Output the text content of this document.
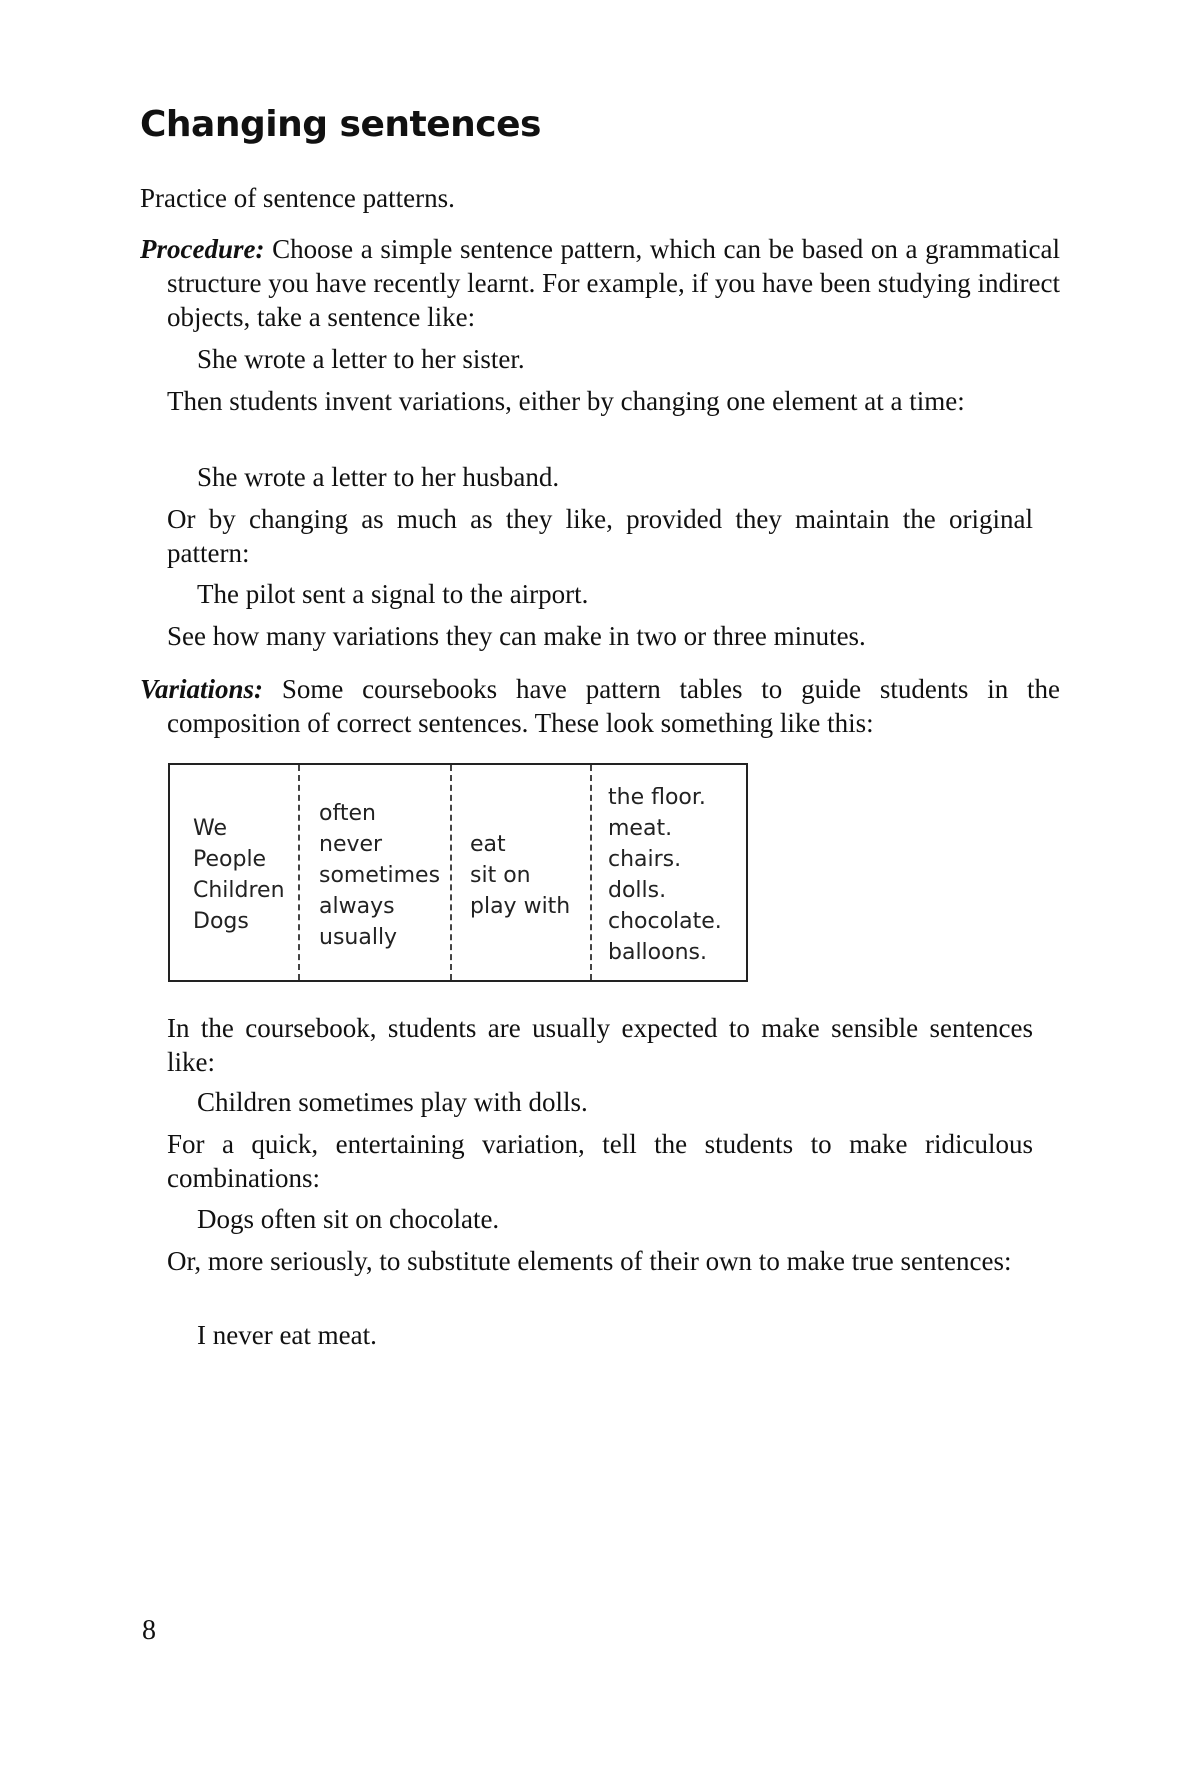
Changing sentences

Practice of sentence patterns.

Procedure: Choose a simple sentence pattern, which can be based on a grammatical structure you have recently learnt. For example, if you have been studying indirect objects, take a sentence like:

She wrote a letter to her sister.

Then students invent variations, either by changing one element at a time:

She wrote a letter to her husband.

Or by changing as much as they like, provided they maintain the original pattern:

The pilot sent a signal to the airport.

See how many variations they can make in two or three minutes.

Variations: Some coursebooks have pattern tables to guide students in the composition of correct sentences. These look something like this:

We
People
Children
Dogs
often
never
sometimes
always
usually
eat
sit on
play with
the floor.
meat.
chairs.
dolls.
chocolate.
balloons.

In the coursebook, students are usually expected to make sensible sentences like:

Children sometimes play with dolls.

For a quick, entertaining variation, tell the students to make ridiculous combinations:

Dogs often sit on chocolate.

Or, more seriously, to substitute elements of their own to make true sentences:

I never eat meat.

8
